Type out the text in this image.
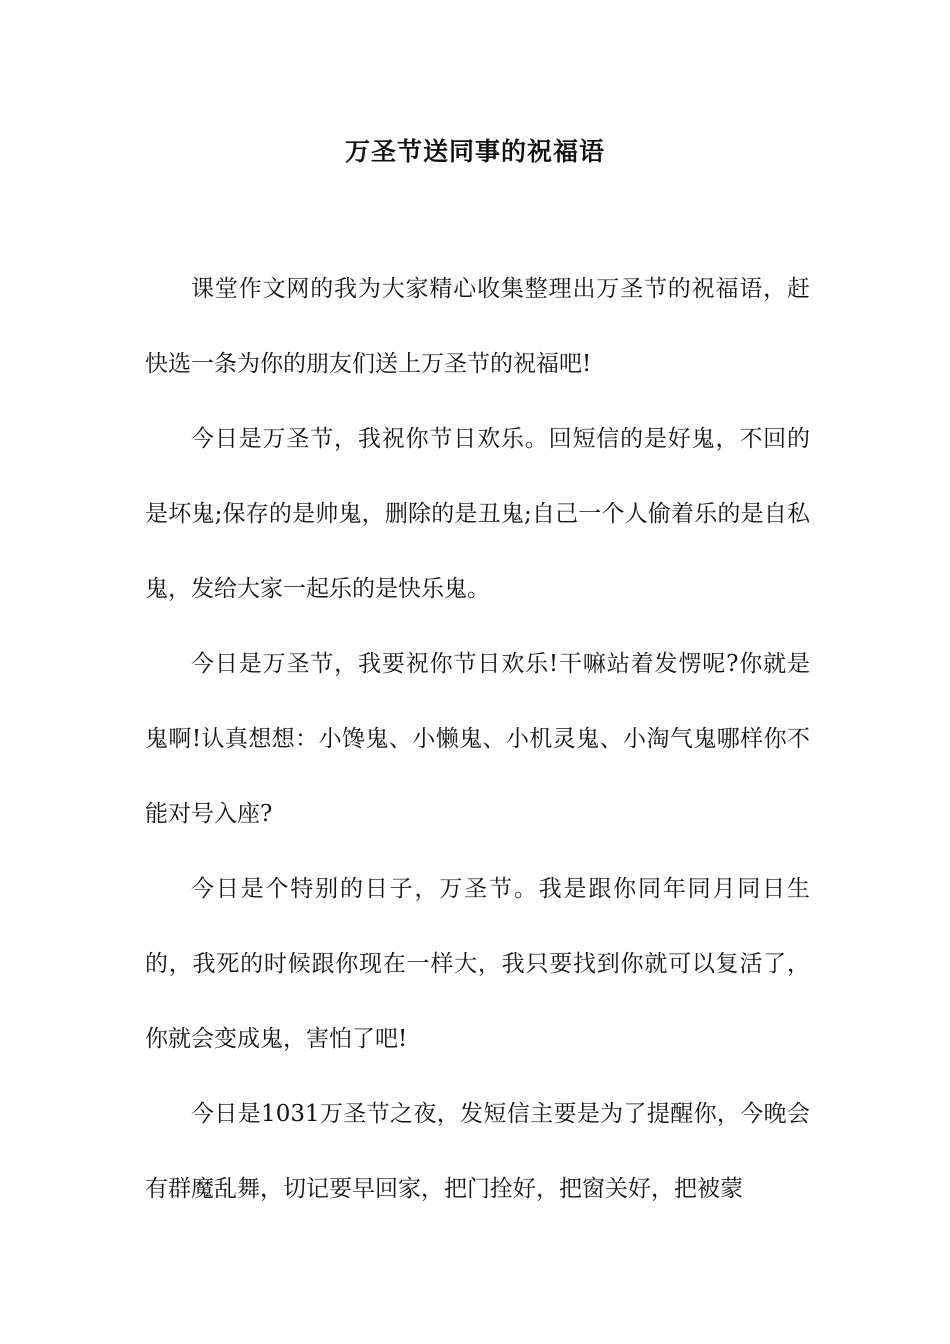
万圣节送同事的祝福语

课堂作文网的我为大家精心收集整理出万圣节的祝福语，赶快选一条为你的朋友们送上万圣节的祝福吧!

今日是万圣节，我祝你节日欢乐。回短信的是好鬼，不回的是坏鬼;保存的是帅鬼，删除的是丑鬼;自己一个人偷着乐的是自私鬼，发给大家一起乐的是快乐鬼。

今日是万圣节，我要祝你节日欢乐!干嘛站着发愣呢?你就是鬼啊!认真想想：小馋鬼、小懒鬼、小机灵鬼、小淘气鬼哪样你不能对号入座?

今日是个特别的日子，万圣节。我是跟你同年同月同日生的，我死的时候跟你现在一样大，我只要找到你就可以复活了，你就会变成鬼，害怕了吧!

今日是1031万圣节之夜，发短信主要是为了提醒你，今晚会有群魔乱舞，切记要早回家，把门拴好，把窗关好，把被蒙
